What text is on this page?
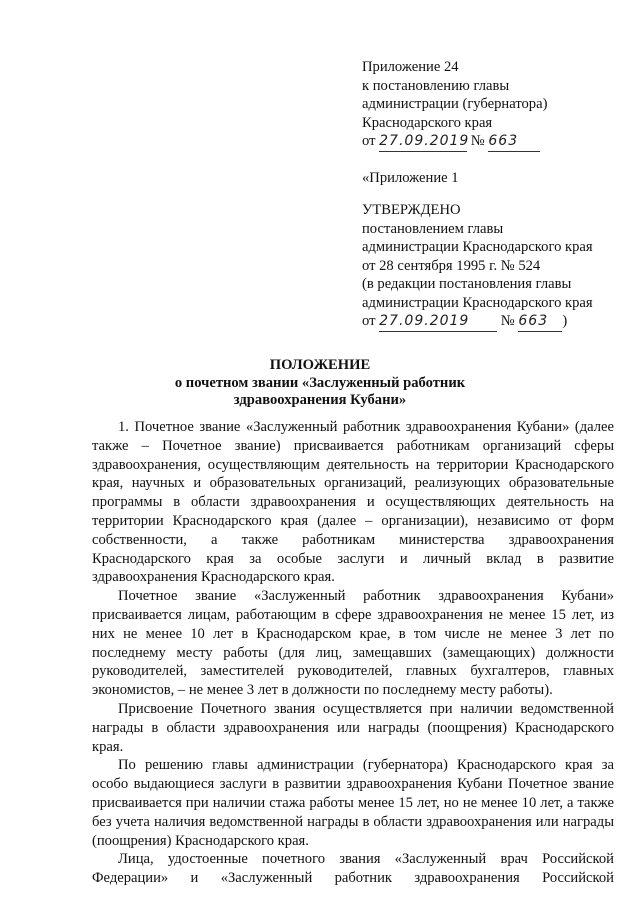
Приложение 24
к постановлению главы
администрации (губернатора)
Краснодарского края
от 27.09.2019 № 663
«Приложение 1
УТВЕРЖДЕНО
постановлением главы
администрации Краснодарского края
от 28 сентября 1995 г. № 524
(в редакции постановления главы
администрации Краснодарского края
от 27.09.2019 № 663 )
ПОЛОЖЕНИЕ
о почетном звании «Заслуженный работник
здравоохранения Кубани»

1. Почетное звание «Заслуженный работник здравоохранения Кубани» (далее также – Почетное звание) присваивается работникам организаций сферы здравоохранения, осуществляющим деятельность на территории Краснодарского края, научных и образовательных организаций, реализующих образовательные программы в области здравоохранения и осуществляющих деятельность на территории Краснодарского края (далее – организации), независимо от форм собственности, а также работникам министерства здравоохранения Краснодарского края за особые заслуги и личный вклад в развитие здравоохранения Краснодарского края.

Почетное звание «Заслуженный работник здравоохранения Кубани» присваивается лицам, работающим в сфере здравоохранения не менее 15 лет, из них не менее 10 лет в Краснодарском крае, в том числе не менее 3 лет по последнему месту работы (для лиц, замещавших (замещающих) должности руководителей, заместителей руководителей, главных бухгалтеров, главных экономистов, – не менее 3 лет в должности по последнему месту работы).

Присвоение Почетного звания осуществляется при наличии ведомственной награды в области здравоохранения или награды (поощрения) Краснодарского края.

По решению главы администрации (губернатора) Краснодарского края за особо выдающиеся заслуги в развитии здравоохранения Кубани Почетное звание присваивается при наличии стажа работы менее 15 лет, но не менее 10 лет, а также без учета наличия ведомственной награды в области здравоохранения или награды (поощрения) Краснодарского края.

Лица, удостоенные почетного звания «Заслуженный врач Российской Федерации» и «Заслуженный работник здравоохранения Российской
